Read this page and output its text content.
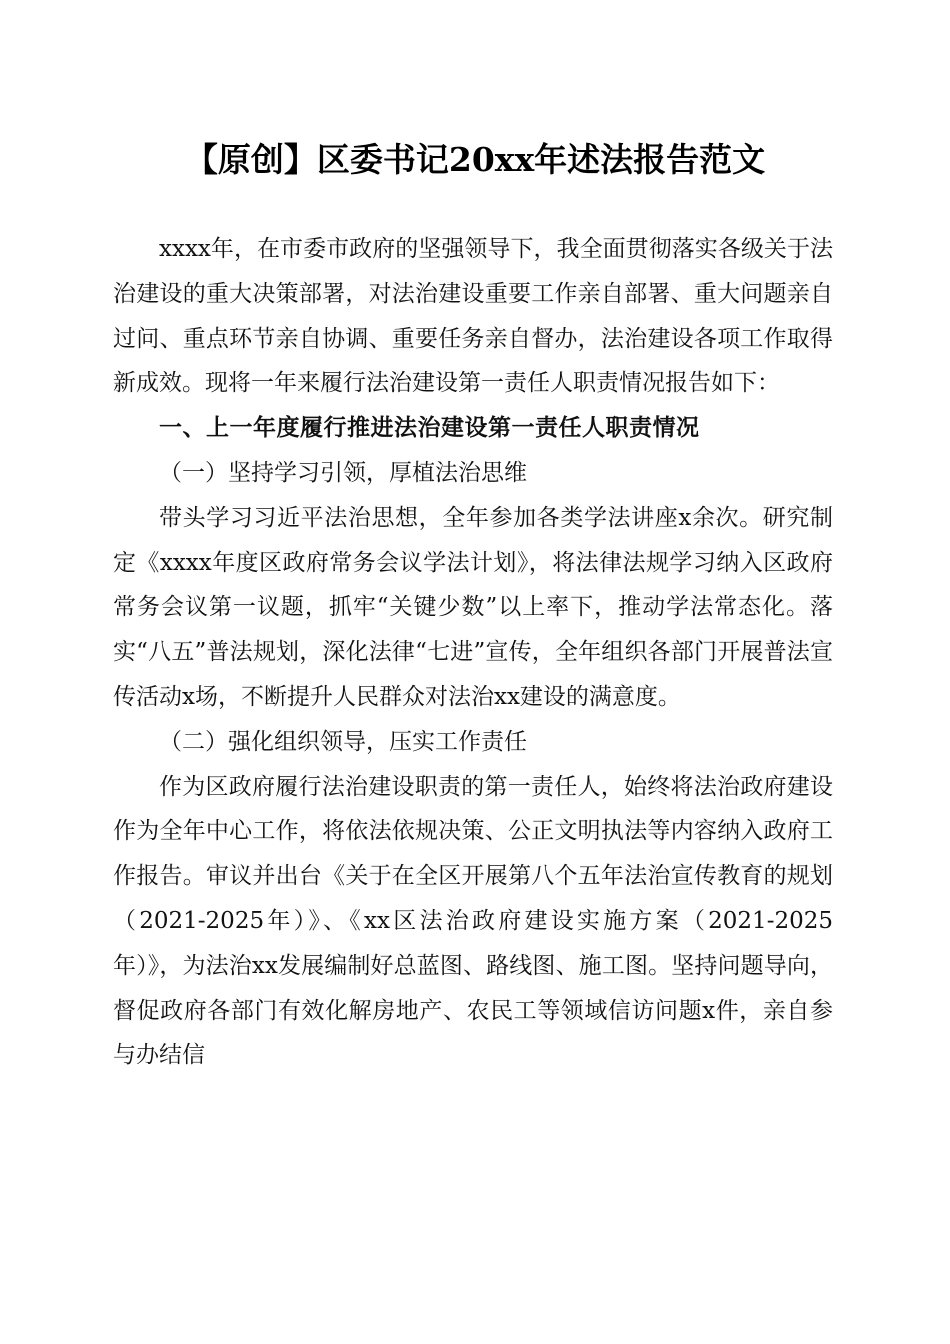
【原创】区委书记20xx年述法报告范文

xxxx年，在市委市政府的坚强领导下，我全面贯彻落实各级关于法治建设的重大决策部署，对法治建设重要工作亲自部署、重大问题亲自过问、重点环节亲自协调、重要任务亲自督办，法治建设各项工作取得新成效。现将一年来履行法治建设第一责任人职责情况报告如下：

一、上一年度履行推进法治建设第一责任人职责情况

（一）坚持学习引领，厚植法治思维

带头学习习近平法治思想，全年参加各类学法讲座x余次。研究制定《xxxx年度区政府常务会议学法计划》，将法律法规学习纳入区政府常务会议第一议题，抓牢“关键少数”以上率下，推动学法常态化。落实“八五”普法规划，深化法律“七进”宣传，全年组织各部门开展普法宣传活动x场，不断提升人民群众对法治xx建设的满意度。

（二）强化组织领导，压实工作责任

作为区政府履行法治建设职责的第一责任人，始终将法治政府建设作为全年中心工作，将依法依规决策、公正文明执法等内容纳入政府工作报告。审议并出台《关于在全区开展第八个五年法治宣传教育的规划（2021-2025年）》、《xx区法治政府建设实施方案（2021-2025年）》，为法治xx发展编制好总蓝图、路线图、施工图。坚持问题导向，督促政府各部门有效化解房地产、农民工等领域信访问题x件，亲自参与办结信
